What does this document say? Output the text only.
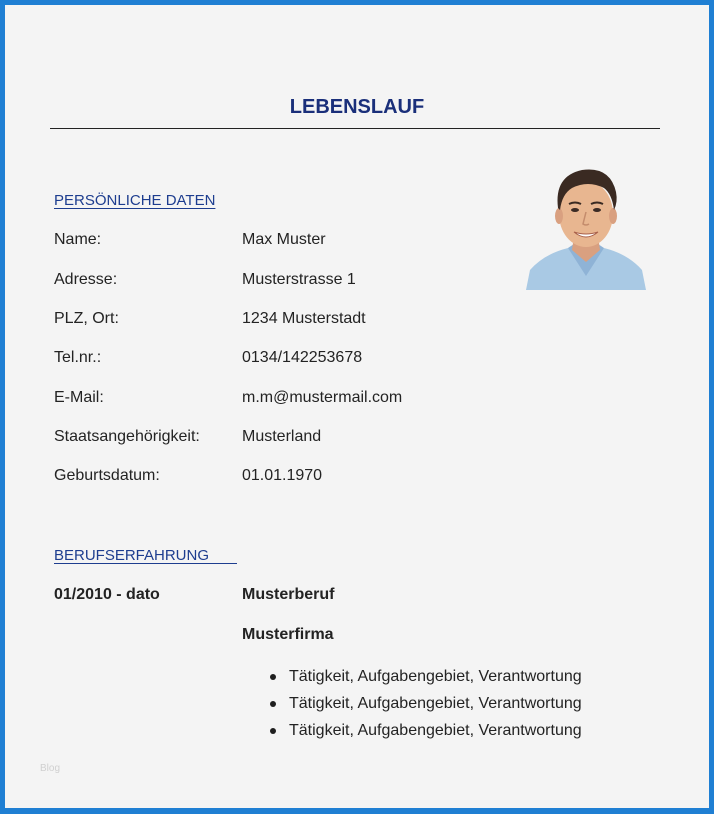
LEBENSLAUF
PERSÖNLICHE DATEN
Name:	Max Muster
Adresse:	Musterstrasse 1
PLZ, Ort:	1234 Musterstadt
Tel.nr.:	0134/142253678
E-Mail:	m.m@mustermail.com
Staatsangehörigkeit:	Musterland
Geburtsdatum:	01.01.1970
BERUFSERFAHRUNG
01/2010 - dato	Musterberuf
Musterfirma
Tätigkeit, Aufgabengebiet, Verantwortung
Tätigkeit, Aufgabengebiet, Verantwortung
Tätigkeit, Aufgabengebiet, Verantwortung
Blog
